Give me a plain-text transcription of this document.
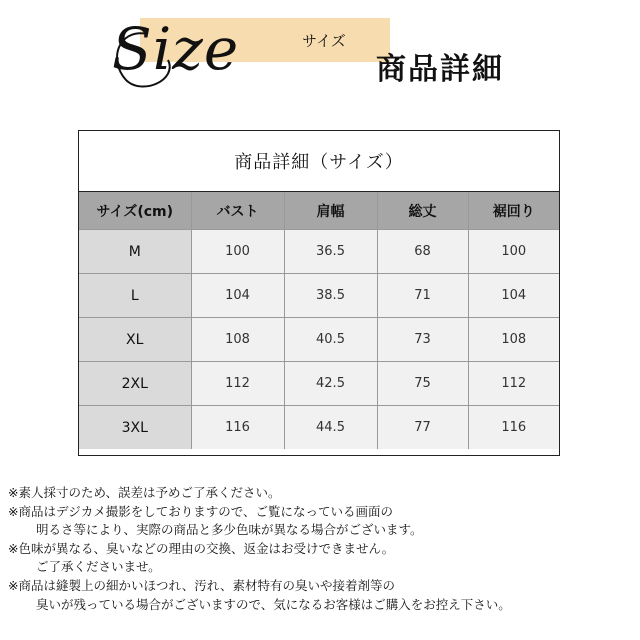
Size	サイズ
商品詳細
商品詳細（サイズ）
サイズ(cm)	バスト	肩幅	総丈	裾回り
M	100	36.5	68	100
L	104	38.5	71	104
XL	108	40.5	73	108
2XL	112	42.5	75	112
3XL	116	44.5	77	116
※素人採寸のため、誤差は予めご了承ください。
※商品はデジカメ撮影をしておりますので、ご覧になっている画面の
明るさ等により、実際の商品と多少色味が異なる場合がございます。
※色味が異なる、臭いなどの理由の交換、返金はお受けできません。
ご了承くださいませ。
※商品は縫製上の細かいほつれ、汚れ、素材特有の臭いや接着剤等の
臭いが残っている場合がございますので、気になるお客様はご購入をお控え下さい。
